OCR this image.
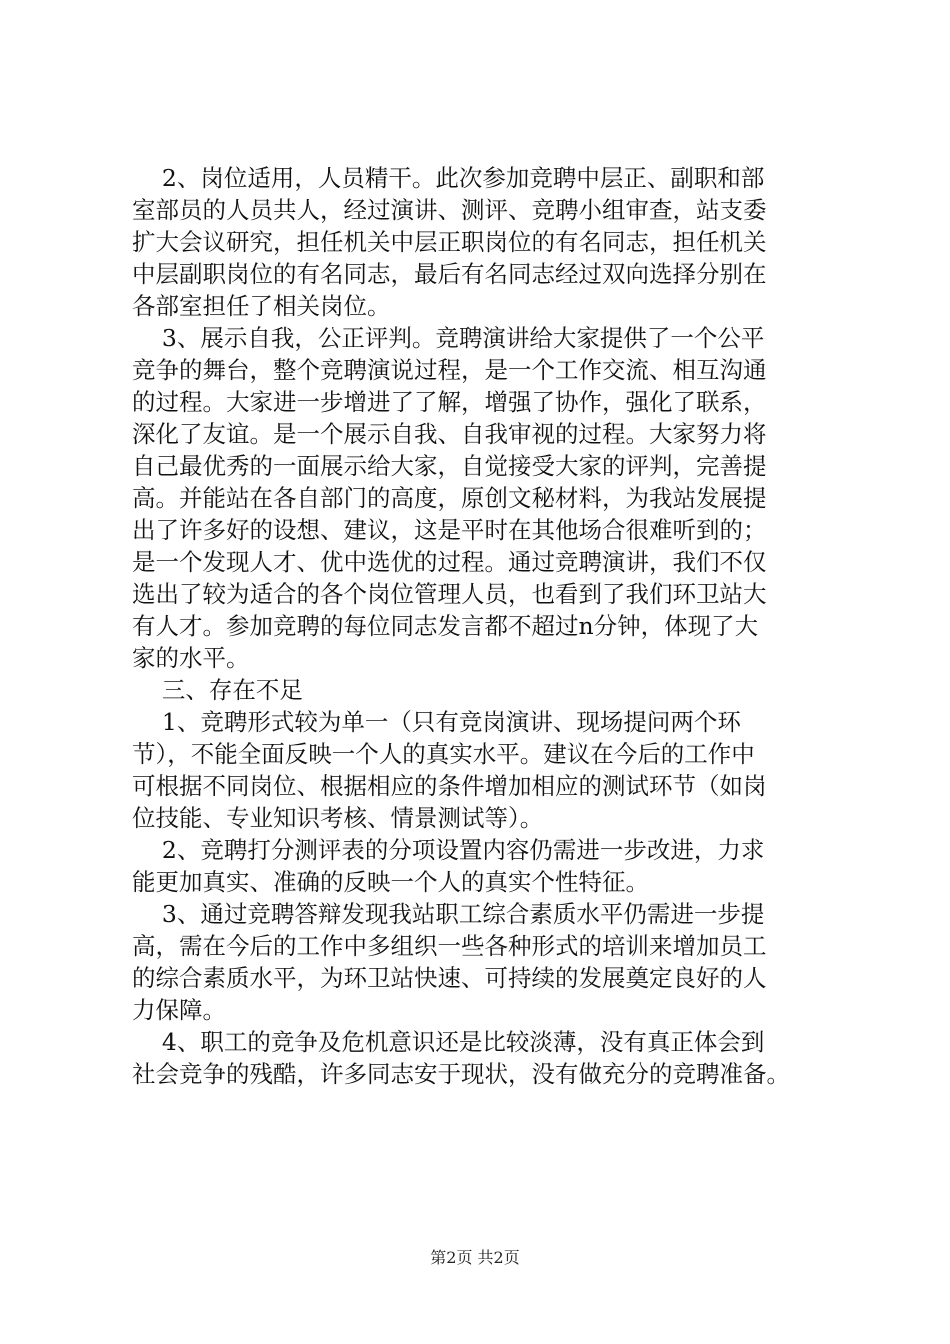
2、岗位适用，人员精干。此次参加竞聘中层正、副职和部

室部员的人员共人，经过演讲、测评、竞聘小组审查，站支委

扩大会议研究，担任机关中层正职岗位的有名同志，担任机关

中层副职岗位的有名同志，最后有名同志经过双向选择分别在

各部室担任了相关岗位。

3、展示自我，公正评判。竞聘演讲给大家提供了一个公平

竞争的舞台，整个竞聘演说过程，是一个工作交流、相互沟通

的过程。大家进一步增进了了解，增强了协作，强化了联系，

深化了友谊。是一个展示自我、自我审视的过程。大家努力将

自己最优秀的一面展示给大家，自觉接受大家的评判，完善提

高。并能站在各自部门的高度，原创文秘材料，为我站发展提

出了许多好的设想、建议，这是平时在其他场合很难听到的；

是一个发现人才、优中选优的过程。通过竞聘演讲，我们不仅

选出了较为适合的各个岗位管理人员，也看到了我们环卫站大

有人才。参加竞聘的每位同志发言都不超过n分钟，体现了大

家的水平。

三、存在不足

1、竞聘形式较为单一（只有竞岗演讲、现场提问两个环

节），不能全面反映一个人的真实水平。建议在今后的工作中

可根据不同岗位、根据相应的条件增加相应的测试环节（如岗

位技能、专业知识考核、情景测试等）。

2、竞聘打分测评表的分项设置内容仍需进一步改进，力求

能更加真实、准确的反映一个人的真实个性特征。

3、通过竞聘答辩发现我站职工综合素质水平仍需进一步提

高，需在今后的工作中多组织一些各种形式的培训来增加员工

的综合素质水平，为环卫站快速、可持续的发展奠定良好的人

力保障。

4、职工的竞争及危机意识还是比较淡薄，没有真正体会到

社会竞争的残酷，许多同志安于现状，没有做充分的竞聘准备。

第2页 共2页
